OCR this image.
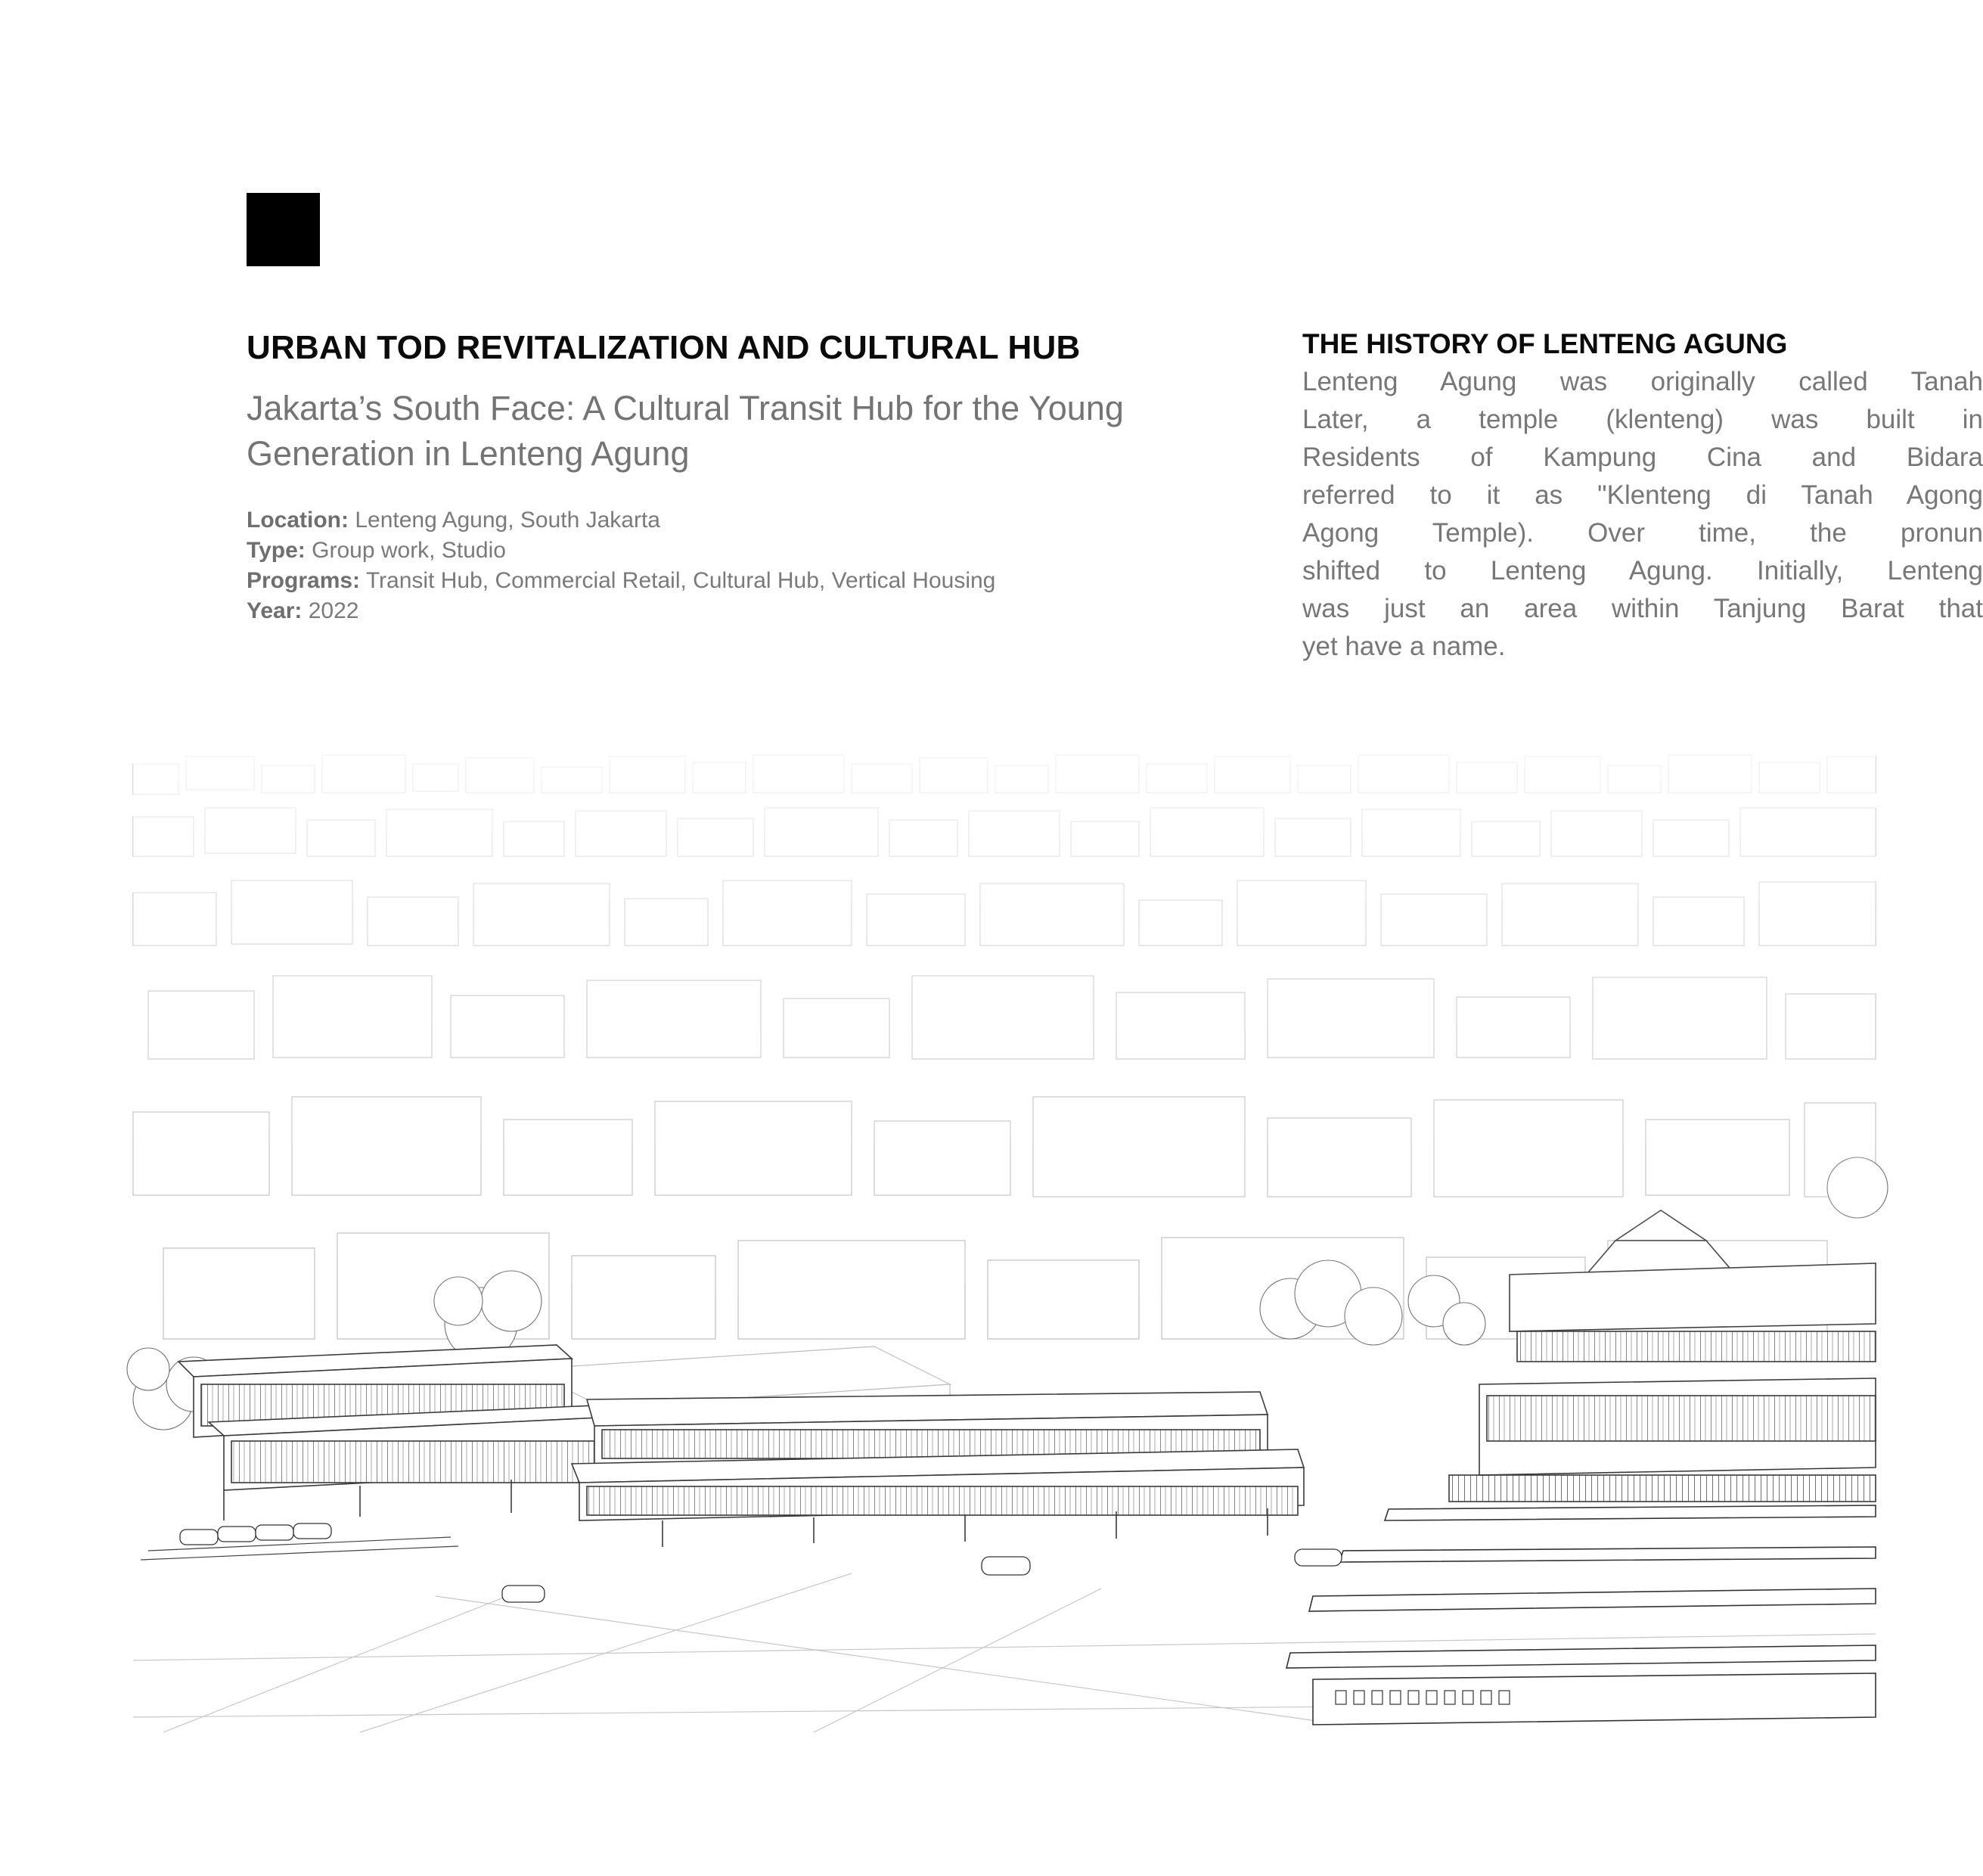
URBAN TOD REVITALIZATION AND CULTURAL HUB
Jakarta’s South Face: A Cultural Transit Hub for the Young Generation in Lenteng Agung
Location: Lenteng Agung, South Jakarta
Type: Group work, Studio
Programs: Transit Hub, Commercial Retail, Cultural Hub, Vertical Housing
Year: 2022
THE HISTORY OF LENTENG AGUNG
Lenteng Agung was originally called Tanah
Later, a temple (klenteng) was built in
Residents of Kampung Cina and Bidara
referred to it as "Klenteng di Tanah Agong
Agong Temple). Over time, the pronun
shifted to Lenteng Agung. Initially, Lenteng
was just an area within Tanjung Barat that
yet have a name.
